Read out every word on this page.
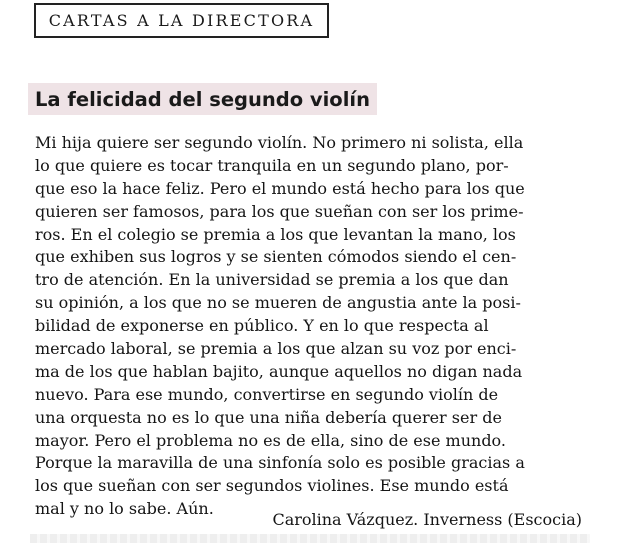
CARTAS A LA DIRECTORA
La felicidad del segundo violín
Mi hija quiere ser segundo violín. No primero ni solista, ella
lo que quiere es tocar tranquila en un segundo plano, por-
que eso la hace feliz. Pero el mundo está hecho para los que
quieren ser famosos, para los que sueñan con ser los prime-
ros. En el colegio se premia a los que levantan la mano, los
que exhiben sus logros y se sienten cómodos siendo el cen-
tro de atención. En la universidad se premia a los que dan
su opinión, a los que no se mueren de angustia ante la posi-
bilidad de exponerse en público. Y en lo que respecta al
mercado laboral, se premia a los que alzan su voz por enci-
ma de los que hablan bajito, aunque aquellos no digan nada
nuevo. Para ese mundo, convertirse en segundo violín de
una orquesta no es lo que una niña debería querer ser de
mayor. Pero el problema no es de ella, sino de ese mundo.
Porque la maravilla de una sinfonía solo es posible gracias a
los que sueñan con ser segundos violines. Ese mundo está
mal y no lo sabe. Aún.
Carolina Vázquez. Inverness (Escocia)
